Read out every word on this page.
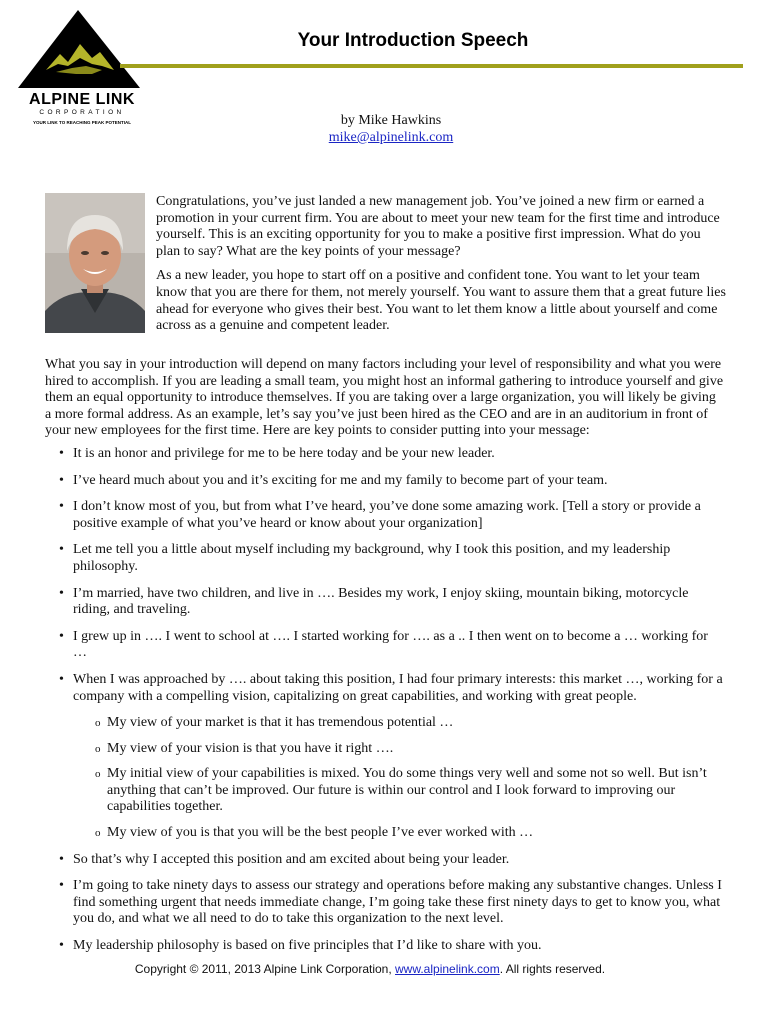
ALPINE LINK
CORPORATION
YOUR LINK TO REACHING PEAK POTENTIAL
Your Introduction Speech
by Mike Hawkins
mike@alpinelink.com

Congratulations, you’ve just landed a new management job. You’ve joined a new firm or earned a promotion in your current firm. You are about to meet your new team for the first time and introduce yourself. This is an exciting opportunity for you to make a positive first impression. What do you plan to say? What are the key points of your message?

As a new leader, you hope to start off on a positive and confident tone. You want to let your team know that you are there for them, not merely yourself. You want to assure them that a great future lies ahead for everyone who gives their best. You want to let them know a little about yourself and come across as a genuine and competent leader.

What you say in your introduction will depend on many factors including your level of responsibility and what you were hired to accomplish. If you are leading a small team, you might host an informal gathering to introduce yourself and give them an equal opportunity to introduce themselves. If you are taking over a large organization, you will likely be giving a more formal address. As an example, let’s say you’ve just been hired as the CEO and are in an auditorium in front of your new employees for the first time. Here are key points to consider putting into your message:

• It is an honor and privilege for me to be here today and be your new leader.
• I’ve heard much about you and it’s exciting for me and my family to become part of your team.
• I don’t know most of you, but from what I’ve heard, you’ve done some amazing work. [Tell a story or provide a positive example of what you’ve heard or know about your organization]
• Let me tell you a little about myself including my background, why I took this position, and my leadership philosophy.
• I’m married, have two children, and live in …. Besides my work, I enjoy skiing, mountain biking, motorcycle riding, and traveling.
• I grew up in …. I went to school at …. I started working for …. as a .. I then went on to become a … working for …
• When I was approached by …. about taking this position, I had four primary interests: this market …, working for a company with a compelling vision, capitalizing on great capabilities, and working with great people.
o My view of your market is that it has tremendous potential …
o My view of your vision is that you have it right ….
o My initial view of your capabilities is mixed. You do some things very well and some not so well. But isn’t anything that can’t be improved. Our future is within our control and I look forward to improving our capabilities together.
o My view of you is that you will be the best people I’ve ever worked with …
• So that’s why I accepted this position and am excited about being your leader.
• I’m going to take ninety days to assess our strategy and operations before making any substantive changes. Unless I find something urgent that needs immediate change, I’m going take these first ninety days to get to know you, what you do, and what we all need to do to take this organization to the next level.
• My leadership philosophy is based on five principles that I’d like to share with you.
Copyright © 2011, 2013 Alpine Link Corporation, www.alpinelink.com. All rights reserved.
